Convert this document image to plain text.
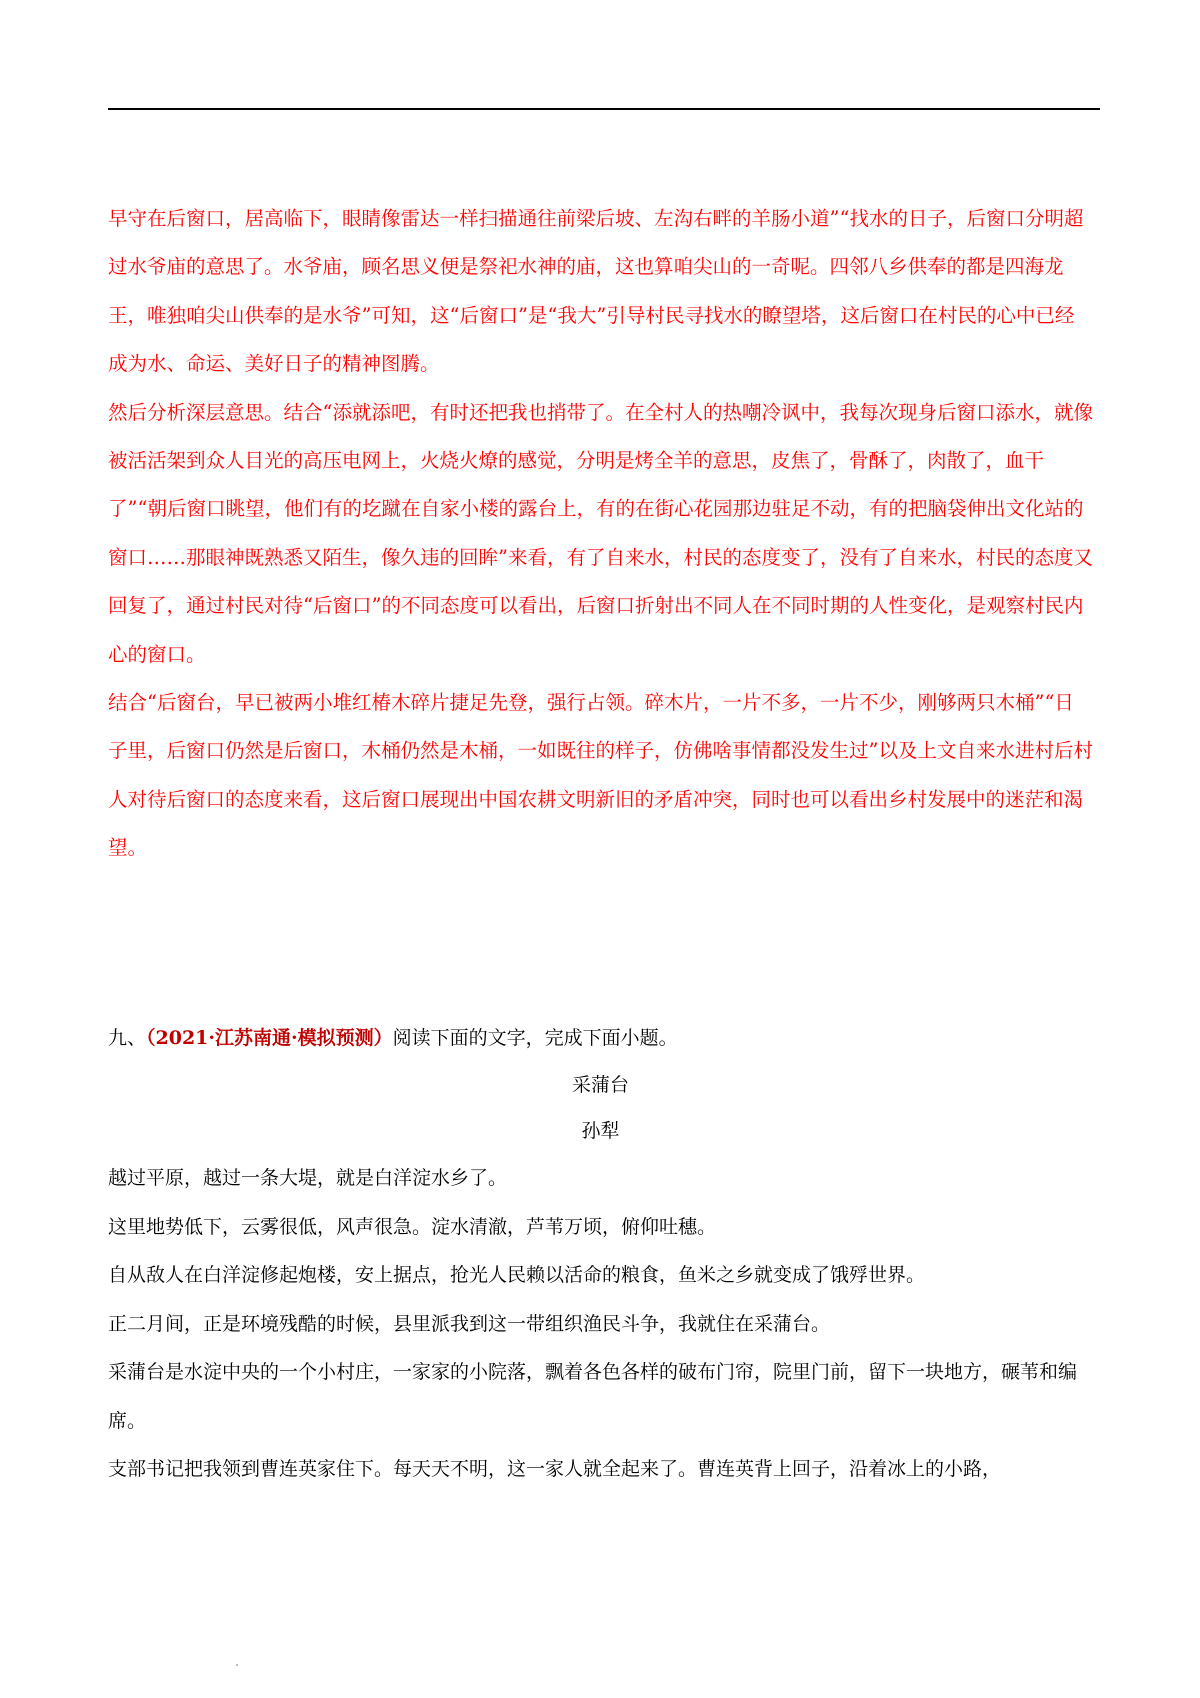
早守在后窗口，居高临下，眼睛像雷达一样扫描通往前梁后坡、左沟右畔的羊肠小道”“找水的日子，后窗口分明超过水爷庙的意思了。水爷庙，顾名思义便是祭祀水神的庙，这也算咱尖山的一奇呢。四邻八乡供奉的都是四海龙王，唯独咱尖山供奉的是水爷”可知，这“后窗口”是“我大”引导村民寻找水的瞭望塔，这后窗口在村民的心中已经成为水、命运、美好日子的精神图腾。

然后分析深层意思。结合“添就添吧，有时还把我也捎带了。在全村人的热嘲冷讽中，我每次现身后窗口添水，就像被活活架到众人目光的高压电网上，火烧火燎的感觉，分明是烤全羊的意思，皮焦了，骨酥了，肉散了，血干了”“朝后窗口眺望，他们有的圪蹴在自家小楼的露台上，有的在街心花园那边驻足不动，有的把脑袋伸出文化站的窗口……那眼神既熟悉又陌生，像久违的回眸”来看，有了自来水，村民的态度变了，没有了自来水，村民的态度又回复了，通过村民对待“后窗口”的不同态度可以看出，后窗口折射出不同人在不同时期的人性变化，是观察村民内心的窗口。

结合“后窗台，早已被两小堆红椿木碎片捷足先登，强行占领。碎木片，一片不多，一片不少，刚够两只木桶”“日子里，后窗口仍然是后窗口，木桶仍然是木桶，一如既往的样子，仿佛啥事情都没发生过”以及上文自来水进村后村人对待后窗口的态度来看，这后窗口展现出中国农耕文明新旧的矛盾冲突，同时也可以看出乡村发展中的迷茫和渴望。

九、（2021·江苏南通·模拟预测）阅读下面的文字，完成下面小题。
采蒲台
孙犁

越过平原，越过一条大堤，就是白洋淀水乡了。

这里地势低下，云雾很低，风声很急。淀水清澈，芦苇万顷，俯仰吐穗。

自从敌人在白洋淀修起炮楼，安上据点，抢光人民赖以活命的粮食，鱼米之乡就变成了饿殍世界。

正二月间，正是环境残酷的时候，县里派我到这一带组织渔民斗争，我就住在采蒲台。

采蒲台是水淀中央的一个小村庄，一家家的小院落，飘着各色各样的破布门帘，院里门前，留下一块地方，碾苇和编席。

支部书记把我领到曹连英家住下。每天天不明，这一家人就全起来了。曹连英背上回子，沿着冰上的小路，
